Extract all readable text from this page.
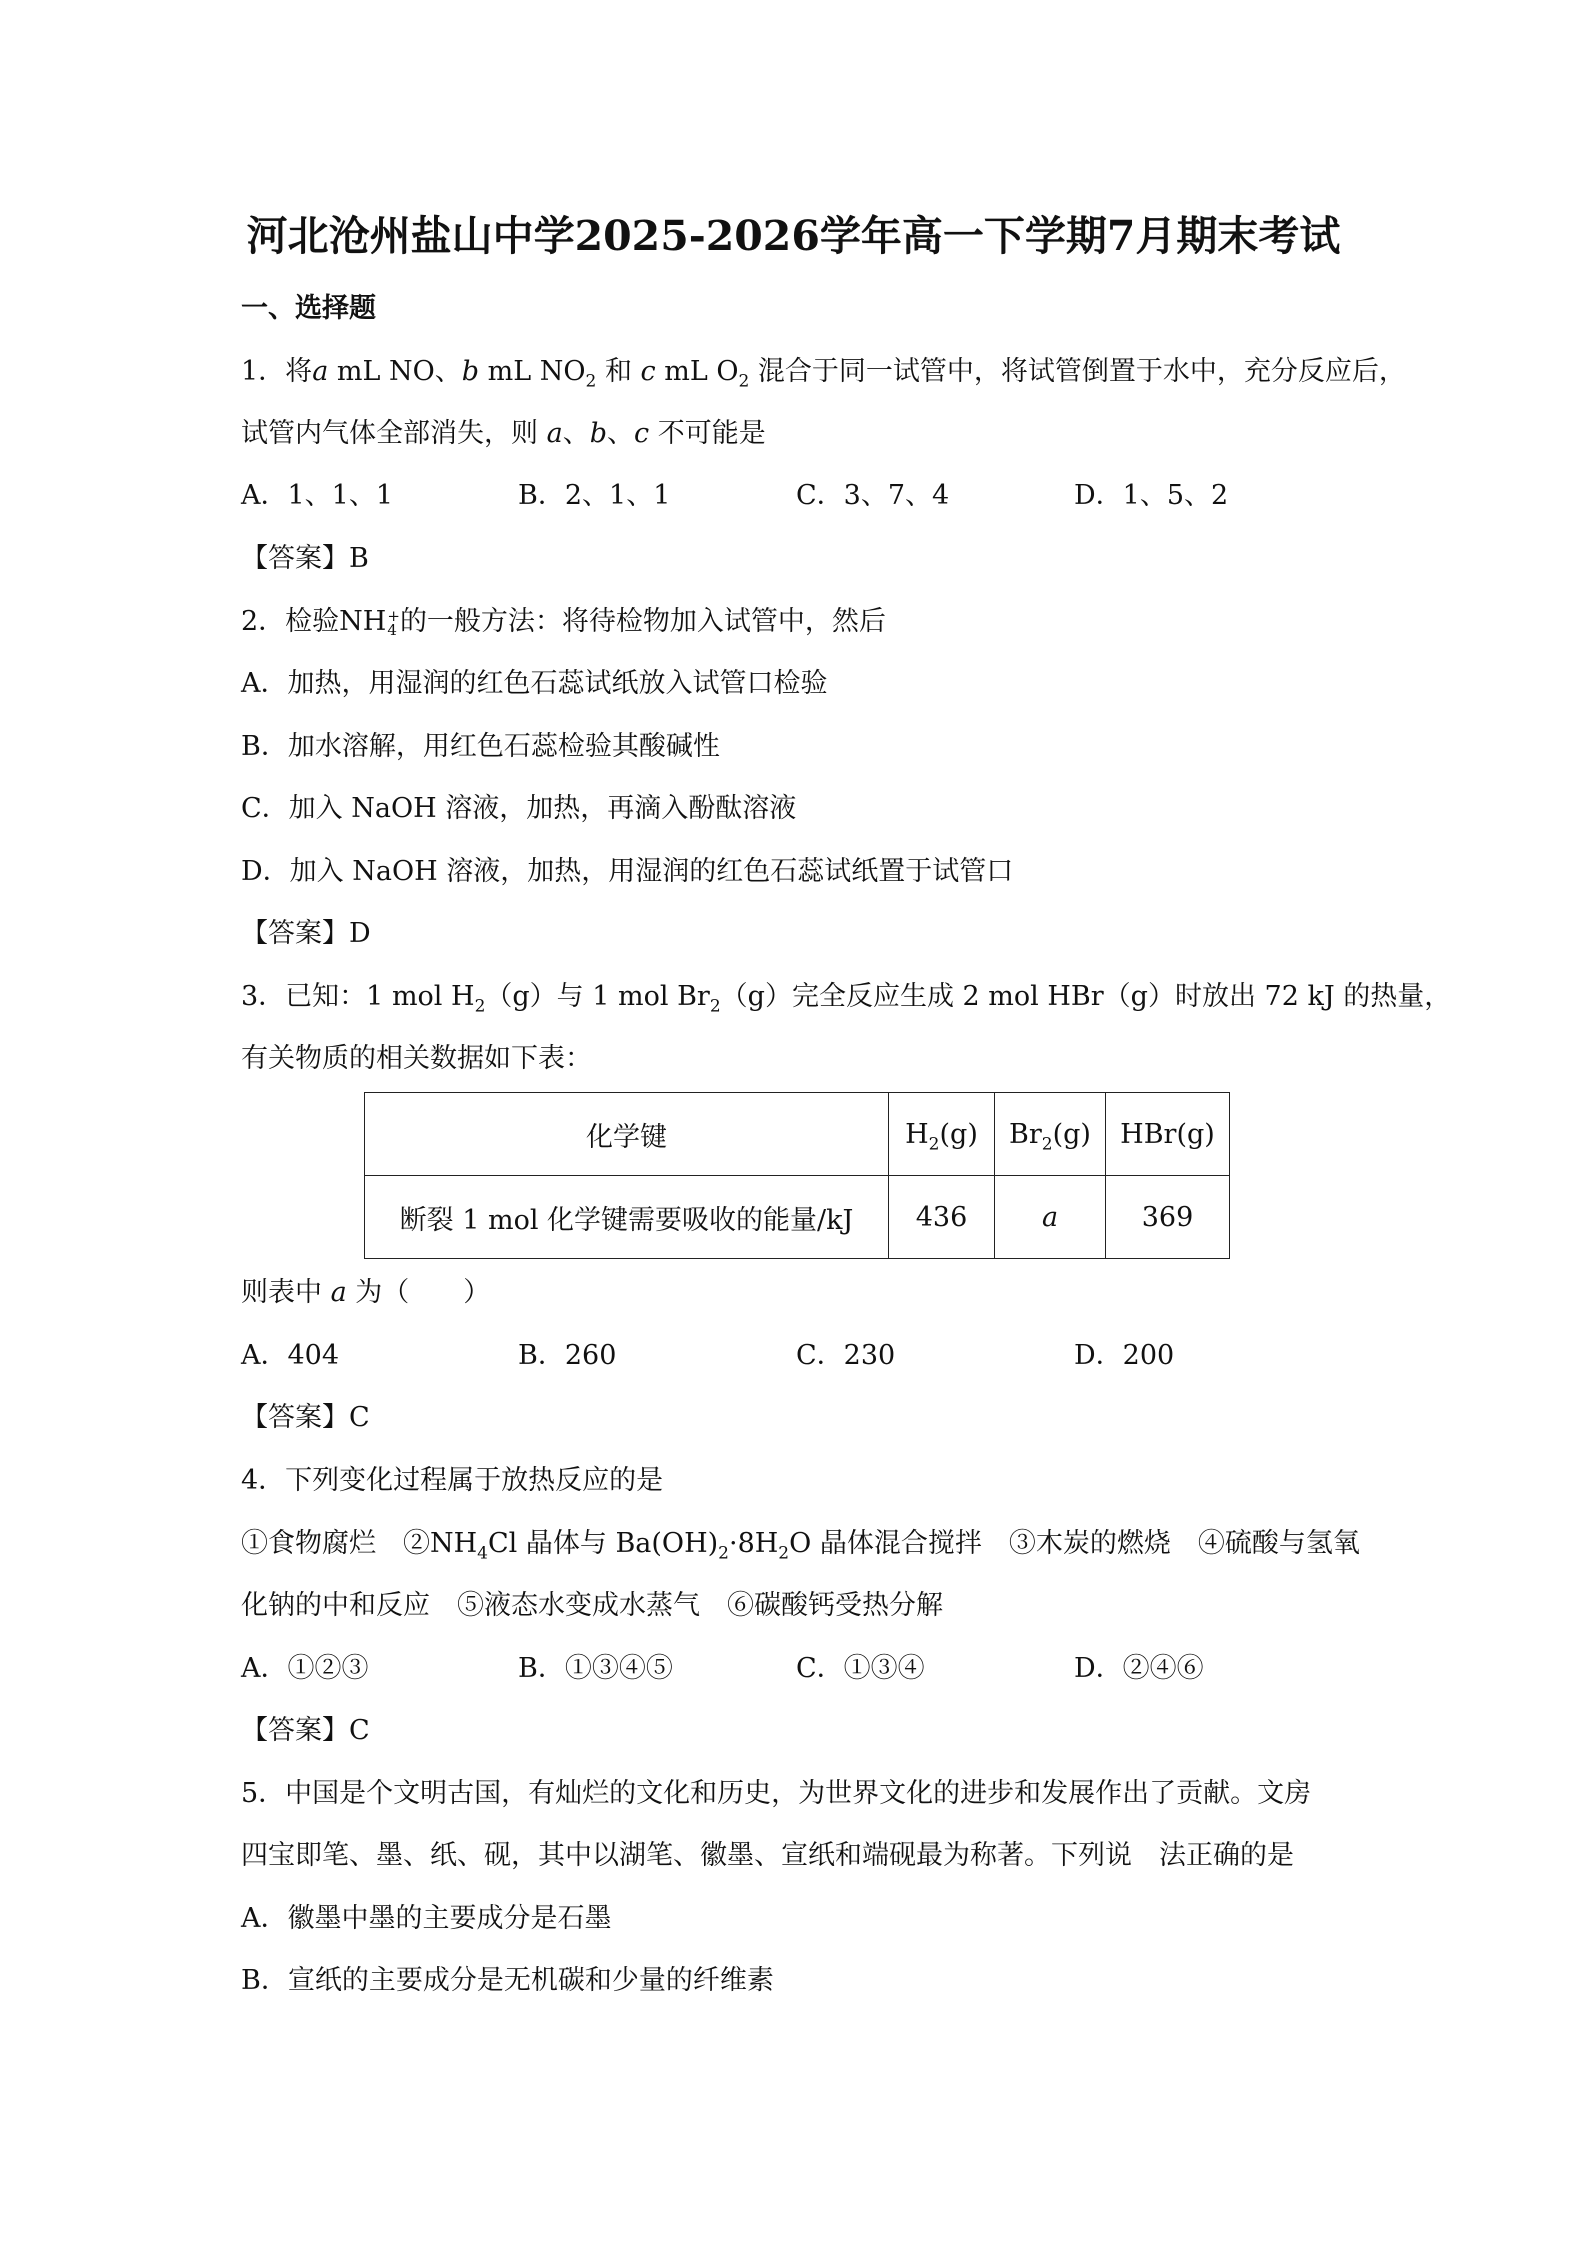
河北沧州盐山中学2025-2026学年高一下学期7月期末考试
一、选择题
1．将a mL NO、b mL $NO_2$ 和 c mL $O_2$ 混合于同一试管中，将试管倒置于水中，充分反应后，
试管内气体全部消失，则 a、b、c 不可能是
A．1、1、1	B．2、1、1	C．3、7、4	D．1、5、2
【答案】B
2．检验NH +
4 的一般方法：将待检物加入试管中，然后
A．加热，用湿润的红色石蕊试纸放入试管口检验
B．加水溶解，用红色石蕊检验其酸碱性
C．加入 NaOH 溶液，加热，再滴入酚酞溶液
D．加入 NaOH 溶液，加热，用湿润的红色石蕊试纸置于试管口
【答案】D
3．已知：1 mol $H_2(g)$与 1 mol $Br_2(g)$完全反应生成 2 mol HBr（g）时放出 72 kJ 的热量，
有关物质的相关数据如下表：
化学键	$H_2(g)$	$Br_2(g)$	HBr(g)
断裂 1 mol 化学键需要吸收的能量/kJ	436	a	369
则表中 a 为（　　）
A．404	B．260	C．230	D．200
【答案】C
4．下列变化过程属于放热反应的是
①食物腐烂　$②NH_4Cl$ 晶体与 $Ba(OH)_2\cdot 8H_2O$ 晶体混合搅拌　③木炭的燃烧　④硫酸与氢氧
化钠的中和反应　⑤液态水变成水蒸气　⑥碳酸钙受热分解
A．①②③	B．①③④⑤	C．①③④	D．②④⑥
【答案】C
5．中国是个文明古国，有灿烂的文化和历史，为世界文化的进步和发展作出了贡献。文房
四宝即笔、墨、纸、砚，其中以湖笔、徽墨、宣纸和端砚最为称著。下列说　法正确的是
A．徽墨中墨的主要成分是石墨
B．宣纸的主要成分是无机碳和少量的纤维素
